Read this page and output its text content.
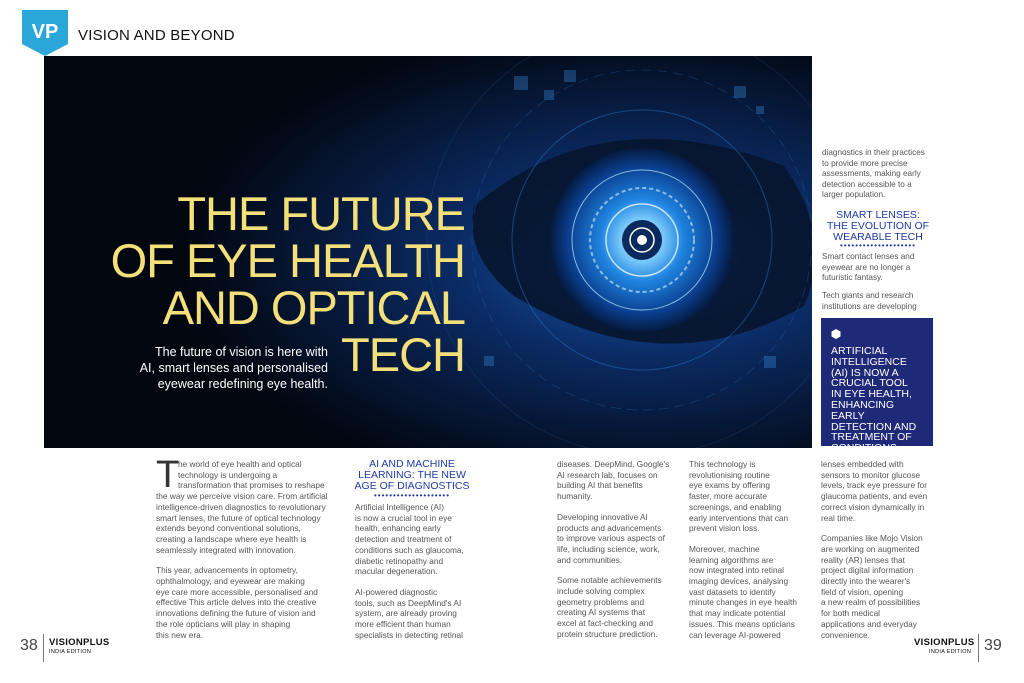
VP VISION AND BEYOND
THE FUTURE
OF EYE HEALTH
AND OPTICAL
TECH
The future of vision is here with
AI, smart lenses and personalised
eyewear redefining eye health.
diagnostics in their practices
to provide more precise
assessments, making early
detection accessible to a
larger population.
SMART LENSES:
THE EVOLUTION OF
WEARABLE TECH
••••••••••••••••••••
Smart contact lenses and
eyewear are no longer a
futuristic fantasy.
Tech giants and research
institutions are developing
ARTIFICIAL
INTELLIGENCE
(AI) IS NOW A
CRUCIAL TOOL
IN EYE HEALTH,
ENHANCING
EARLY
DETECTION AND
TREATMENT OF
CONDITIONS...
T

he world of eye health and optical
technology is undergoing a
transformation that promises to reshape
the way we perceive vision care. From artificial
intelligence-driven diagnostics to revolutionary
smart lenses, the future of optical technology
extends beyond conventional solutions,
creating a landscape where eye health is
seamlessly integrated with innovation.

This year, advancements in optometry,
ophthalmology, and eyewear are making
eye care more accessible, personalised and
effective This article delves into the creative
innovations defining the future of vision and
the role opticians will play in shaping
this new era.

AI AND MACHINE
LEARNING: THE NEW
AGE OF DIAGNOSTICS
••••••••••••••••••••

Artificial Intelligence (AI)
is now a crucial tool in eye
health, enhancing early
detection and treatment of
conditions such as glaucoma,
diabetic retinopathy and
macular degeneration.

AI-powered diagnostic
tools, such as DeepMind's AI
system, are already proving
more efficient than human
specialists in detecting retinal

diseases. DeepMind, Google's
AI research lab, focuses on
building AI that benefits
humanity.

Developing innovative AI
products and advancements
to improve various aspects of
life, including science, work,
and communities.

Some notable achievements
include solving complex
geometry problems and
creating AI systems that
excel at fact-checking and
protein structure prediction.

This technology is
revolutionising routine
eye exams by offering
faster, more accurate
screenings, and enabling
early interventions that can
prevent vision loss.

Moreover, machine
learning algorithms are
now integrated into retinal
imaging devices, analysing
vast datasets to identify
minute changes in eye health
that may indicate potential
issues. This means opticians
can leverage AI-powered

lenses embedded with
sensors to monitor glucose
levels, track eye pressure for
glaucoma patients, and even
correct vision dynamically in
real time.

Companies like Mojo Vision
are working on augmented
reality (AR) lenses that
project digital information
directly into the wearer's
field of vision, opening
a new realm of possibilities
for both medical
applications and everyday
convenience.

38 VISIONPLUS
INDIA EDITION
VISIONPLUS
INDIA EDITION 39
